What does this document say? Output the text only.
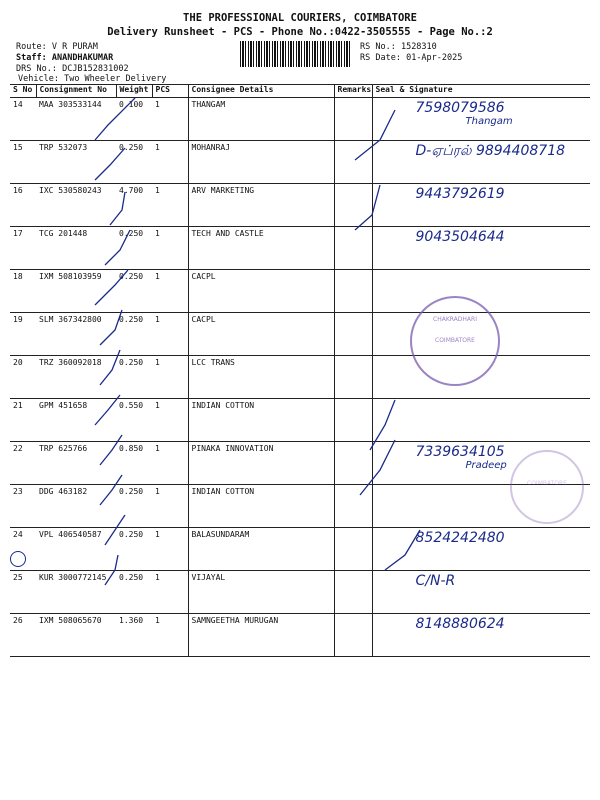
THE PROFESSIONAL COURIERS, COIMBATORE
Delivery Runsheet - PCS - Phone No.:0422-3505555 - Page No.:2
Route: V R PURAM
Staff: ANANDHAKUMAR
DRS No.: DCJB152831002
Vehicle: Two Wheeler Delivery
RS No.: 1528310
RS Date: 01-Apr-2025
S No	Consignment No	Weight	PCS	Consignee Details	Remarks	Seal & Signature
14	MAA 303533144	0.100	1	THANGAM		7598079586
Thangam

15	TRP 532073	0.250	1	MOHANRAJ		D-ஏப்ரல் 9894408718

16	IXC 530580243	4.700	1	ARV MARKETING		9443792619

17	TCG 201448	0.250	1	TECH AND CASTLE		9043504644

18	IXM 508103959	0.250	1	CACPL		

19	SLM 367342800	0.250	1	CACPL		

20	TRZ 360092018	0.250	1	LCC TRANS		

21	GPM 451658	0.550	1	INDIAN COTTON		

22	TRP 625766	0.850	1	PINAKA INNOVATION		7339634105
Pradeep

23	DDG 463182	0.250	1	INDIAN COTTON		

24	VPL 406540587	0.250	1	BALASUNDARAM		8524242480

25	KUR 3000772145	0.250	1	VIJAYAL		C/N-R

26	IXM 508065670	1.360	1	SAMNGEETHA MURUGAN		8148880624
CHAKRADHARI
COIMBATORE
COIMBATORE
